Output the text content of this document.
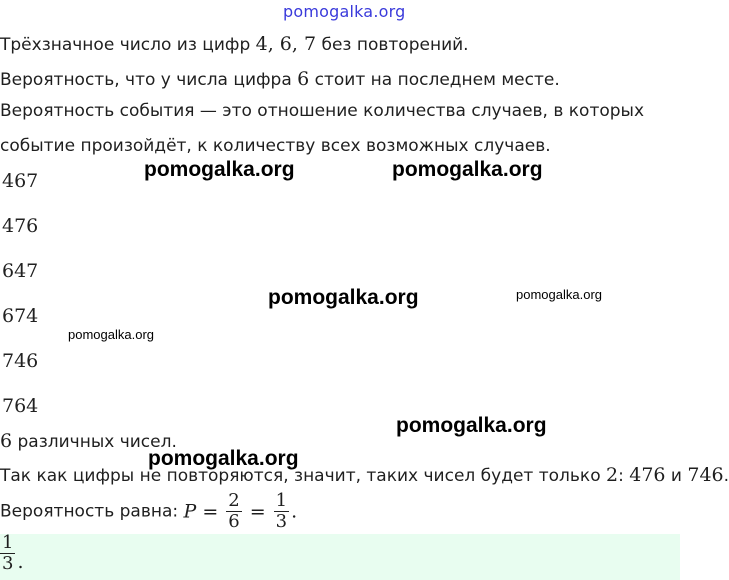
pomogalka.org
Трёхзначное число из цифр 4, 6, 7 без повторений.
Вероятность, что у числа цифра 6 стоит на последнем месте.
Вероятность события — это отношение количества случаев, в которых
событие произойдёт, к количеству всех возможных случаев.
467
476
647
674
746
764
6 различных чисел.
Так как цифры не повторяются, значит, таких чисел будет только 2: 476 и 746.
Вероятность равна: $P = \frac{2}{6} = \frac{1}{3}$ .
$\frac{1}{3}$ .
pomogalka.org	pomogalka.org
pomogalka.org	pomogalka.org
pomogalka.org
pomogalka.org
pomogalka.org
